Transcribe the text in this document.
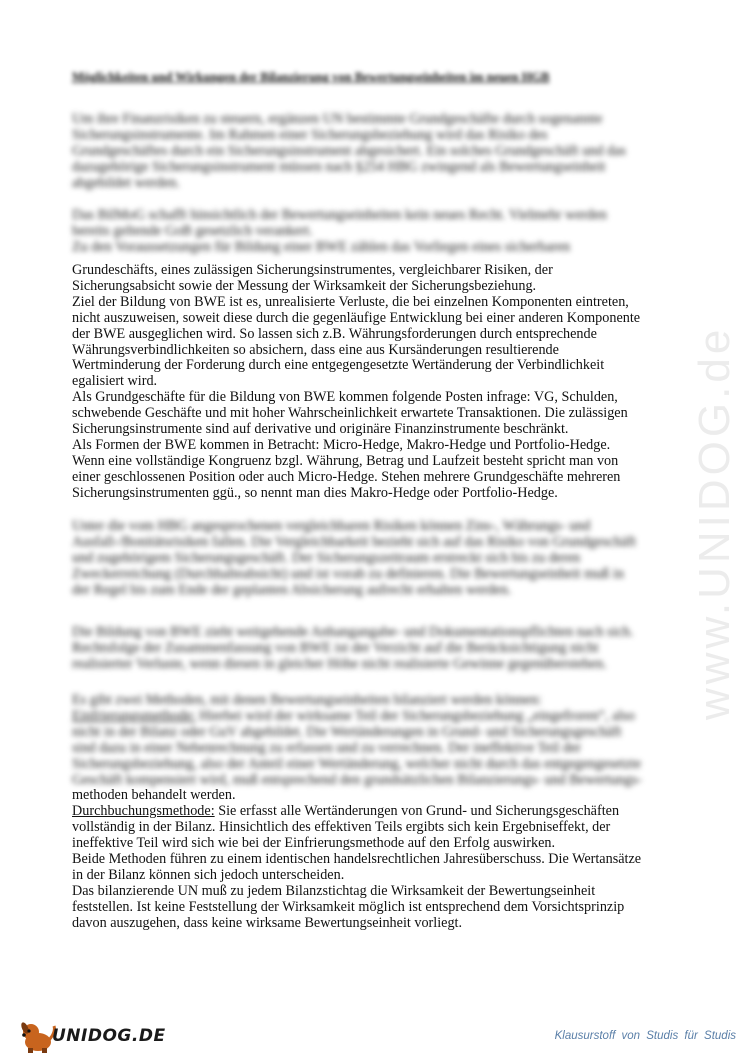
Möglichkeiten und Wirkungen der Bilanzierung von Bewertungseinheiten im neuen HGB
Um ihre Finanzrisiken zu steuern, ergänzen UN bestimmte Grundgeschäfte durch sogenannte
Sicherungsinstrumente. Im Rahmen einer Sicherungsbeziehung wird das Risiko des
Grundgeschäftes durch ein Sicherungsinstrument abgesichert. Ein solches Grundgeschäft und das
dazugehörige Sicherungsinstrument müssen nach §254 HBG zwingend als Bewertungseinheit
abgebildet werden.
Das BilMoG schafft hinsichtlich der Bewertungseinheiten kein neues Recht. Vielmehr werden
bereits geltende GoB gesetzlich verankert.
Zu den Voraussetzungen für Bildung einer BWE zählen das Vorliegen eines sicherbaren
Grundeschäfts, eines zulässigen Sicherungsinstrumentes, vergleichbarer Risiken, der
Sicherungsabsicht sowie der Messung der Wirksamkeit der Sicherungsbeziehung.
Ziel der Bildung von BWE ist es, unrealisierte Verluste, die bei einzelnen Komponenten eintreten,
nicht auszuweisen, soweit diese durch die gegenläufige Entwicklung bei einer anderen Komponente
der BWE ausgeglichen wird. So lassen sich z.B. Währungsforderungen durch entsprechende
Währungsverbindlichkeiten so absichern, dass eine aus Kursänderungen resultierende
Wertminderung der Forderung durch eine entgegengesetzte Wertänderung der Verbindlichkeit
egalisiert wird.
Als Grundgeschäfte für die Bildung von BWE kommen folgende Posten infrage: VG, Schulden,
schwebende Geschäfte und mit hoher Wahrscheinlichkeit erwartete Transaktionen. Die zulässigen
Sicherungsinstrumente sind auf derivative und originäre Finanzinstrumente beschränkt.
Als Formen der BWE kommen in Betracht: Micro-Hedge, Makro-Hedge und Portfolio-Hedge.
Wenn eine vollständige Kongruenz bzgl. Währung, Betrag und Laufzeit besteht spricht man von
einer geschlossenen Position oder auch Micro-Hedge. Stehen mehrere Grundgeschäfte mehreren
Sicherungsinstrumenten ggü., so nennt man dies Makro-Hedge oder Portfolio-Hedge.
Unter die vom HBG angesprochenen vergleichbaren Risiken können Zins-, Währungs- und
Ausfall-/Bonitätsrisiken fallen. Die Vergleichbarkeit bezieht sich auf das Risiko von Grundgeschäft
und zugehörigem Sicherungsgeschäft. Der Sicherungszeitraum erstreckt sich bis zu deren
Zweckerreichung (Durchhalteabsicht) und ist vorab zu definieren. Die Bewertungseinheit muß in
der Regel bis zum Ende der geplanten Absicherung aufrecht erhalten werden.
Die Bildung von BWE zieht weitgehende Anhangangabe- und Dokumentationspflichten nach sich.
Rechtsfolge der Zusammenfassung von BWE ist der Verzicht auf die Berücksichtigung nicht
realisierter Verluste, wenn diesen in gleicher Höhe nicht realisierte Gewinne gegenüberstehen.
Es gibt zwei Methoden, mit denen Bewertungseinheiten bilanziert werden können:
Einfrierungsmethode: Hierbei wird der wirksame Teil der Sicherungsbeziehung „eingefroren“, also
nicht in der Bilanz oder GuV abgebildet. Die Wertänderungen in Grund- und Sicherungsgeschäft
sind dazu in einer Nebenrechnung zu erfassen und zu verrechnen. Der ineffektive Teil der
Sicherungsbeziehung, also der Anteil einer Wertänderung, welcher nicht durch das entgegengesetzte
Geschäft kompensiert wird, muß entsprechend den grundsätzlichen Bilanzierungs- und Bewertungs-
methoden behandelt werden.
Durchbuchungsmethode: Sie erfasst alle Wertänderungen von Grund- und Sicherungsgeschäften
vollständig in der Bilanz. Hinsichtlich des effektiven Teils ergibts sich kein Ergebniseffekt, der
ineffektive Teil wird sich wie bei der Einfrierungsmethode auf den Erfolg auswirken.
Beide Methoden führen zu einem identischen handelsrechtlichen Jahresüberschuss. Die Wertansätze
in der Bilanz können sich jedoch unterscheiden.
Das bilanzierende UN muß zu jedem Bilanzstichtag die Wirksamkeit der Bewertungseinheit
feststellen. Ist keine Feststellung der Wirksamkeit möglich ist entsprechend dem Vorsichtsprinzip
davon auszugehen, dass keine wirksame Bewertungseinheit vorliegt.
www.UNIDOG.de
UNIDOG.DE	Klausurstoff von Studis für Studis
